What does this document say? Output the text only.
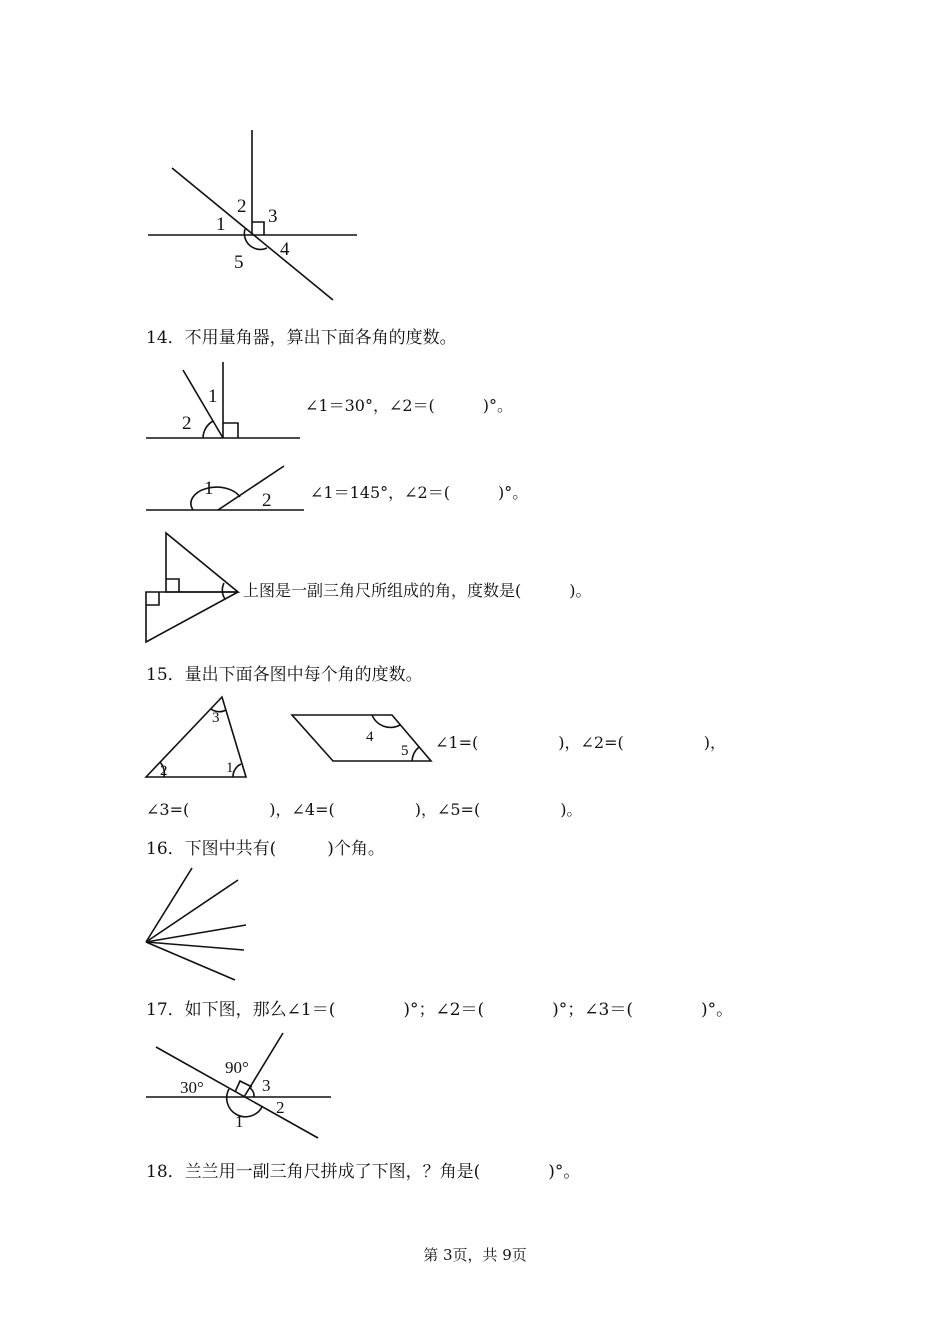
1
2 3
4
5
14．不用量角器，算出下面各角的度数。
1
2
∠1＝30°，∠2＝(　　　)°。
1
2 ∠1＝145°，∠2＝(　　　)°。
上图是一副三角尺所组成的角，度数是(　　　)。
15．量出下面各图中每个角的度数。
3
2	1
4
5 ∠1=(　　　　　)，∠2=(　　　　　)，
∠3=(　　　　　)，∠4=(　　　　　)，∠5=(　　　　　)。
16．下图中共有(　　　)个角。
17．如下图，那么∠1＝(　　　　)°；∠2＝(　　　　)°；∠3＝(　　　　)°。
90°
30°
1
2
3
18．兰兰用一副三角尺拼成了下图，？角是(　　　　)°。
第 3页，共 9页
